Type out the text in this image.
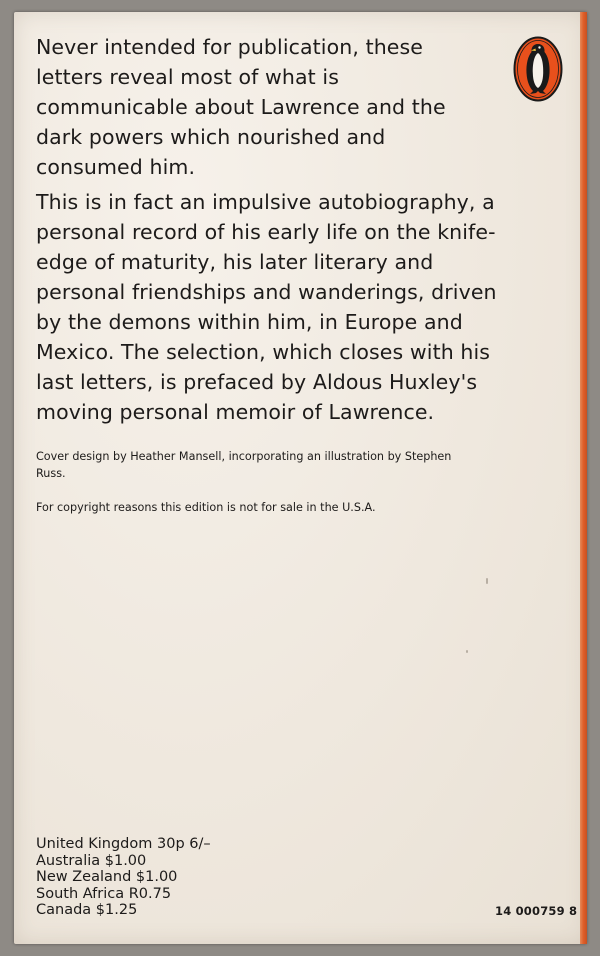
Never intended for publication, these letters reveal most of what is communicable about Lawrence and the dark powers which nourished and consumed him.

This is in fact an impulsive autobiography, a personal record of his early life on the knife-edge of maturity, his later literary and personal friendships and wanderings, driven by the demons within him, in Europe and Mexico. The selection, which closes with his last letters, is prefaced by Aldous Huxley's moving personal memoir of Lawrence.

Cover design by Heather Mansell, incorporating an illustration by Stephen Russ.

For copyright reasons this edition is not for sale in the U.S.A.

United Kingdom 30p 6/–
Australia $1.00
New Zealand $1.00
South Africa R0.75
Canada $1.25	14 000759 8
